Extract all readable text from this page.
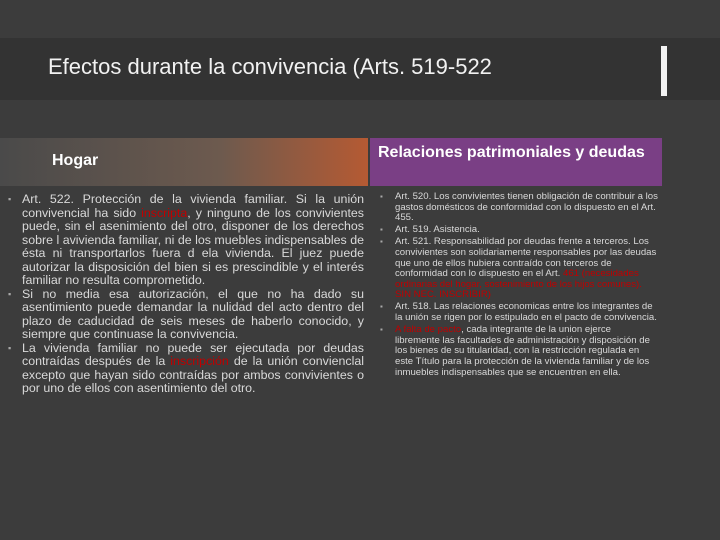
Efectos durante la convivencia (Arts. 519-522
Hogar	Relaciones patrimoniales y deudas
▪ Art. 522. Protección de la vivienda familiar. Si la unión convivencial ha sido inscripta, y ninguno de los convivientes puede, sin el asenimiento del otro, disponer de los derechos sobre l avivienda familiar, ni de los muebles indispensables de ésta ni transportarlos fuera d ela vivienda. El juez puede autorizar la disposición del bien si es prescindible y el interés familiar no resulta comprometido.
▪ Si no media esa autorización, el que no ha dado su asentimiento puede demandar la nulidad del acto dentro del plazo de caducidad de seis meses de haberlo conocido, y siempre que continuase la convivencia.
▪ La vivienda familiar no puede ser ejecutada por deudas contraídas después de la inscripción de la unión convienclal excepto que hayan sido contraídas por ambos convivientes o por uno de ellos con asentimiento del otro.
▪ Art. 520. Los convivientes tienen obligación de contribuir a los gastos domésticos de conformidad con lo dispuesto en el Art. 455.
▪ Art. 519. Asistencia.
▪ Art. 521. Responsabilidad por deudas frente a terceros. Los convivientes son solidariamente responsables por las deudas que uno de ellos hubiera contraído con terceros de conformidad con lo dispuesto en el Art. 461 (necesidades ordinarias del hogar, sostenimiento de los hijos comunes). SIN NEC. INSCRIBIR)
▪ Art. 518. Las relaciones economicas entre los integrantes de la unión se rigen por lo estipulado en el pacto de convivencia.
▪ A falta de pacto, cada integrante de la union ejerce libremente las facultades de administración y disposición de los bienes de su titularidad, con la restricción regulada en este Título para la protección de la vivienda familiar y de los inmuebles indispensables que se encuentren en ella.
